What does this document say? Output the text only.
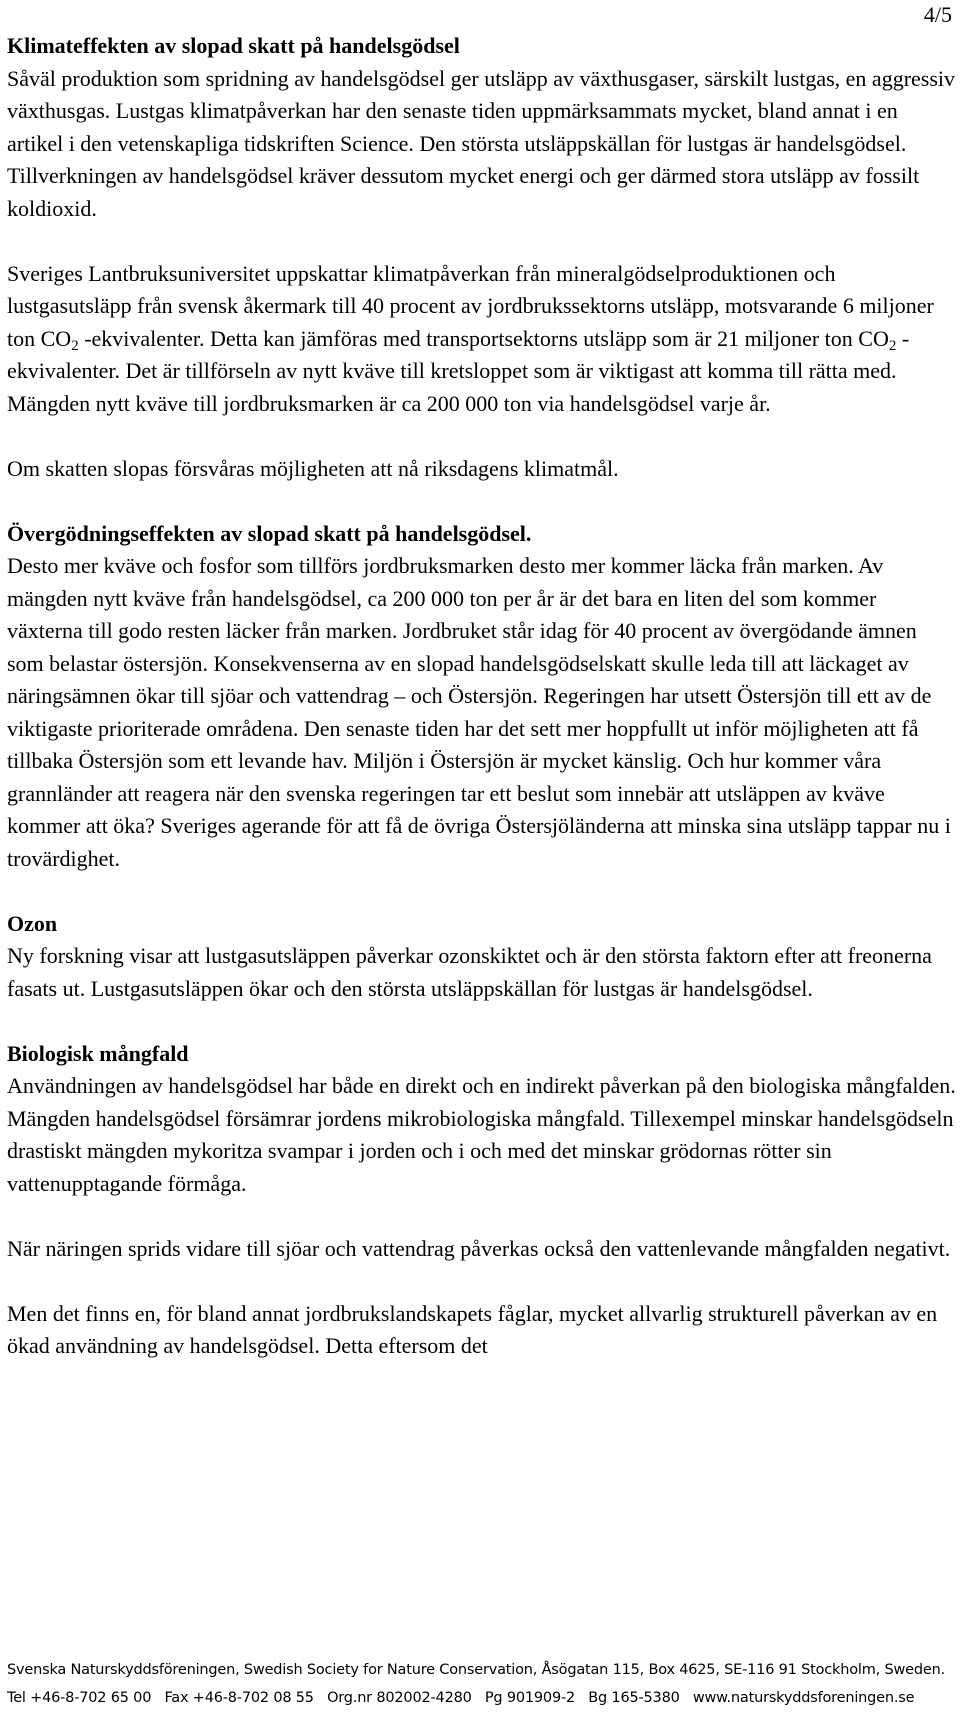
4/5
Klimateffekten av slopad skatt på handelsgödsel

Såväl produktion som spridning av handelsgödsel ger utsläpp av växthusgaser, särskilt lustgas, en aggressiv växthusgas. Lustgas klimatpåverkan har den senaste tiden uppmärksammats mycket, bland annat i en artikel i den vetenskapliga tidskriften Science. Den största utsläppskällan för lustgas är handelsgödsel. Tillverkningen av handelsgödsel kräver dessutom mycket energi och ger därmed stora utsläpp av fossilt koldioxid.

Sveriges Lantbruksuniversitet uppskattar klimatpåverkan från mineralgödselproduktionen och lustgasutsläpp från svensk åkermark till 40 procent av jordbrukssektorns utsläpp, motsvarande 6 miljoner ton $CO_2$ -ekvivalenter. Detta kan jämföras med transportsektorns utsläpp som är 21 miljoner ton $CO_2$ -ekvivalenter. Det är tillförseln av nytt kväve till kretsloppet som är viktigast att komma till rätta med. Mängden nytt kväve till jordbruksmarken är ca 200 000 ton via handelsgödsel varje år.

Om skatten slopas försvåras möjligheten att nå riksdagens klimatmål.

Övergödningseffekten av slopad skatt på handelsgödsel.

Desto mer kväve och fosfor som tillförs jordbruksmarken desto mer kommer läcka från marken. Av mängden nytt kväve från handelsgödsel, ca 200 000 ton per år är det bara en liten del som kommer växterna till godo resten läcker från marken. Jordbruket står idag för 40 procent av övergödande ämnen som belastar östersjön. Konsekvenserna av en slopad handelsgödselskatt skulle leda till att läckaget av näringsämnen ökar till sjöar och vattendrag – och Östersjön. Regeringen har utsett Östersjön till ett av de viktigaste prioriterade områdena. Den senaste tiden har det sett mer hoppfullt ut inför möjligheten att få tillbaka Östersjön som ett levande hav. Miljön i Östersjön är mycket känslig. Och hur kommer våra grannländer att reagera när den svenska regeringen tar ett beslut som innebär att utsläppen av kväve kommer att öka? Sveriges agerande för att få de övriga Östersjöländerna att minska sina utsläpp tappar nu i trovärdighet.

Ozon

Ny forskning visar att lustgasutsläppen påverkar ozonskiktet och är den största faktorn efter att freonerna fasats ut. Lustgasutsläppen ökar och den största utsläppskällan för lustgas är handelsgödsel.

Biologisk mångfald

Användningen av handelsgödsel har både en direkt och en indirekt påverkan på den biologiska mångfalden. Mängden handelsgödsel försämrar jordens mikrobiologiska mångfald. Tillexempel minskar handelsgödseln drastiskt mängden mykoritza svampar i jorden och i och med det minskar grödornas rötter sin vattenupptagande förmåga.

När näringen sprids vidare till sjöar och vattendrag påverkas också den vattenlevande mångfalden negativt.

Men det finns en, för bland annat jordbrukslandskapets fåglar, mycket allvarlig strukturell påverkan av en ökad användning av handelsgödsel. Detta eftersom det

Svenska Naturskyddsföreningen, Swedish Society for Nature Conservation, Åsögatan 115, Box 4625, SE-116 91 Stockholm, Sweden.
Tel +46-8-702 65 00   Fax +46-8-702 08 55   Org.nr 802002-4280   Pg 901909-2   Bg 165-5380   www.naturskyddsforeningen.se
